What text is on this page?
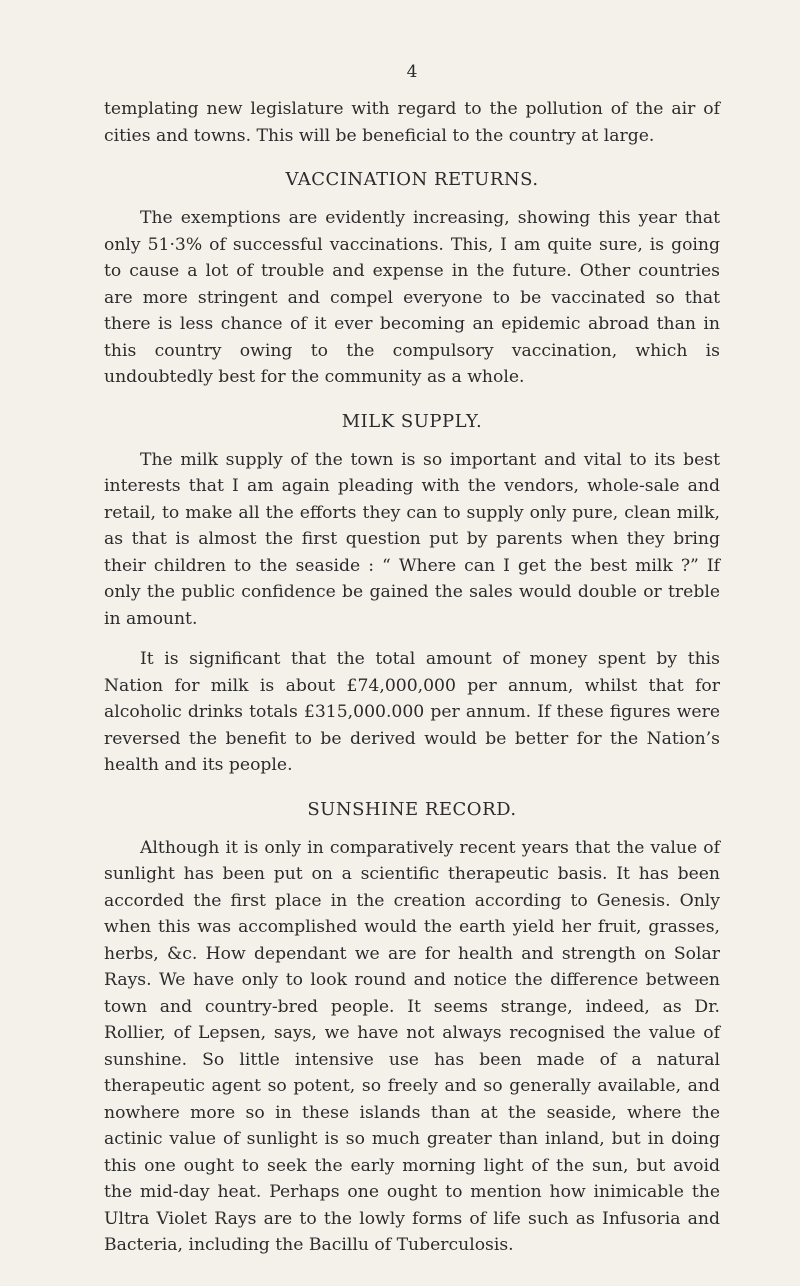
4

templating new legislature with regard to the pollution of the air of cities and towns. This will be beneficial to the country at large.

VACCINATION RETURNS.

The exemptions are evidently increasing, showing this year that only 51·3% of successful vaccinations. This, I am quite sure, is going to cause a lot of trouble and expense in the future. Other countries are more stringent and compel everyone to be vaccinated so that there is less chance of it ever becoming an epidemic abroad than in this country owing to the compulsory vaccination, which is undoubtedly best for the community as a whole.

MILK SUPPLY.

The milk supply of the town is so important and vital to its best interests that I am again pleading with the vendors, whole-sale and retail, to make all the efforts they can to supply only pure, clean milk, as that is almost the first question put by parents when they bring their children to the seaside : “ Where can I get the best milk ?” If only the public confidence be gained the sales would double or treble in amount.

It is significant that the total amount of money spent by this Nation for milk is about £74,000,000 per annum, whilst that for alcoholic drinks totals £315,000.000 per annum. If these figures were reversed the benefit to be derived would be better for the Nation’s health and its people.

SUNSHINE RECORD.

Although it is only in comparatively recent years that the value of sunlight has been put on a scientific therapeutic basis. It has been accorded the first place in the creation according to Genesis. Only when this was accomplished would the earth yield her fruit, grasses, herbs, &c. How dependant we are for health and strength on Solar Rays. We have only to look round and notice the difference between town and country-bred people. It seems strange, indeed, as Dr. Rollier, of Lepsen, says, we have not always recognised the value of sunshine. So little intensive use has been made of a natural therapeutic agent so potent, so freely and so generally available, and nowhere more so in these islands than at the seaside, where the actinic value of sunlight is so much greater than inland, but in doing this one ought to seek the early morning light of the sun, but avoid the mid-day heat. Perhaps one ought to mention how inimicable the Ultra Violet Rays are to the lowly forms of life such as Infusoria and Bacteria, including the Bacillu of Tuberculosis.
